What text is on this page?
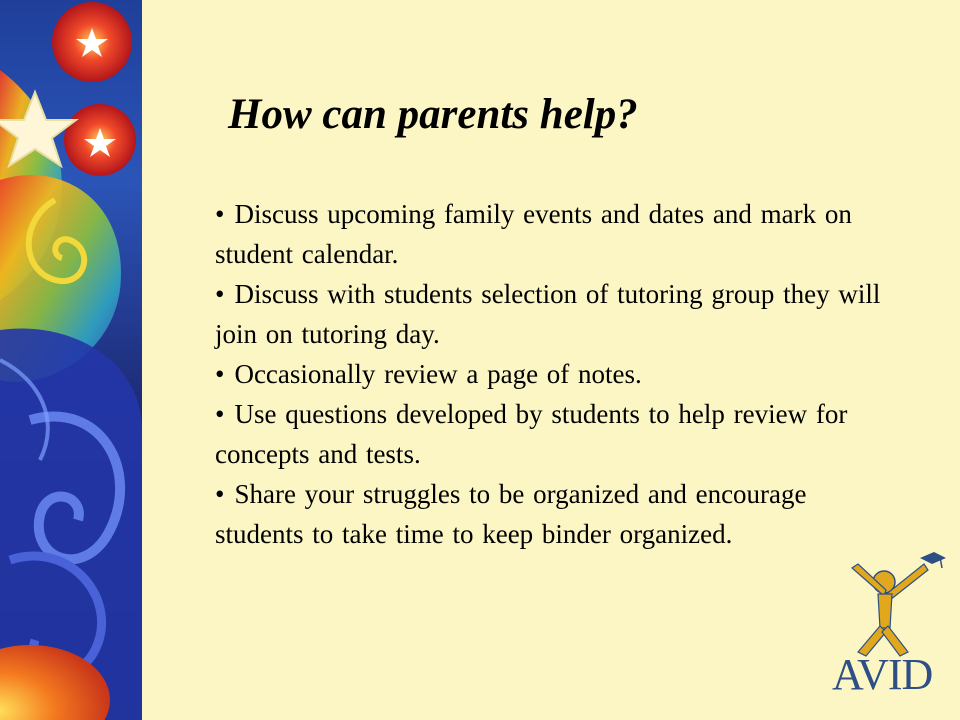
How can parents help?
• Discuss upcoming family events and dates and mark on student calendar.
• Discuss with students selection of tutoring group they will join on tutoring day.
• Occasionally review a page of notes.
• Use questions developed by students to help review for concepts and tests.
• Share your struggles to be organized and encourage students to take time to keep binder organized.
AVID
